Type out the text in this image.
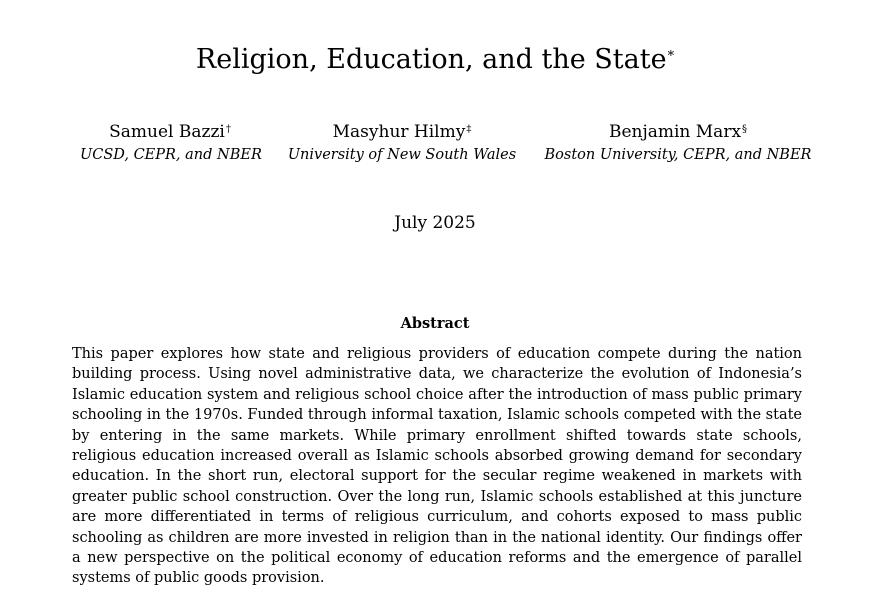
Religion, Education, and the State*
Samuel Bazzi†
UCSD, CEPR, and NBER
Masyhur Hilmy‡
University of New South Wales
Benjamin Marx§
Boston University, CEPR, and NBER
July 2025
Abstract
This paper explores how state and religious providers of education compete during the nation building process. Using novel administrative data, we characterize the evolution of Indonesia’s Islamic education system and religious school choice after the introduction of mass public primary schooling in the 1970s. Funded through informal taxation, Islamic schools competed with the state by entering in the same markets. While primary enrollment shifted towards state schools, religious education increased overall as Islamic schools absorbed growing demand for secondary education. In the short run, electoral support for the secular regime weakened in markets with greater public school construction. Over the long run, Islamic schools established at this juncture are more differentiated in terms of religious curriculum, and cohorts exposed to mass public schooling as children are more invested in religion than in the national identity. Our findings offer a new perspective on the political economy of education reforms and the emergence of parallel systems of public goods provision.
